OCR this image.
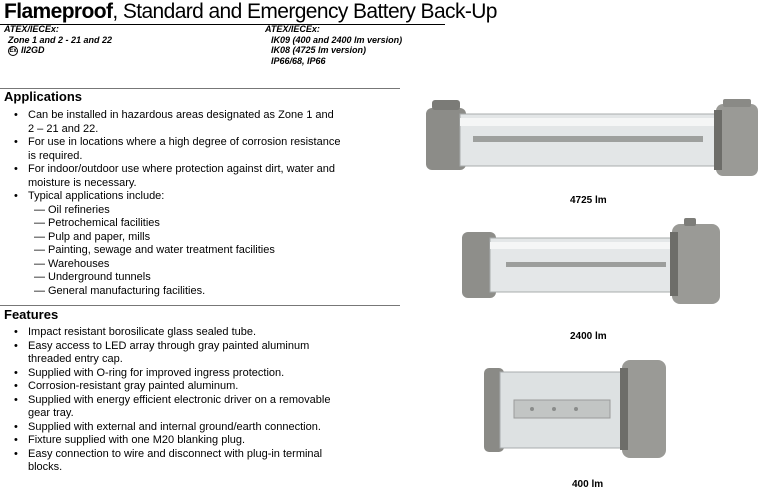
Flameproof, Standard and Emergency Battery Back-Up
ATEX/IECEx:
Zone 1 and 2 - 21 and 22
Ex II2GD
ATEX/IECEx:
IK09 (400 and 2400 lm version)
IK08 (4725 lm version)
IP66/68, IP66
Applications
• Can be installed in hazardous areas designated as Zone 1 and
2 – 21 and 22.
• For use in locations where a high degree of corrosion resistance
is required.
• For indoor/outdoor use where protection against dirt, water and
moisture is necessary.
• Typical applications include:
— Oil refineries
— Petrochemical facilities
— Pulp and paper, mills
— Painting, sewage and water treatment facilities
— Warehouses
— Underground tunnels
— General manufacturing facilities.
Features
• Impact resistant borosilicate glass sealed tube.
• Easy access to LED array through gray painted aluminum
threaded entry cap.
• Supplied with O-ring for improved ingress protection.
• Corrosion-resistant gray painted aluminum.
• Supplied with energy efficient electronic driver on a removable
gear tray.
• Supplied with external and internal ground/earth connection.
• Fixture supplied with one M20 blanking plug.
• Easy connection to wire and disconnect with plug-in terminal
blocks.
4725 lm
2400 lm
400 lm
